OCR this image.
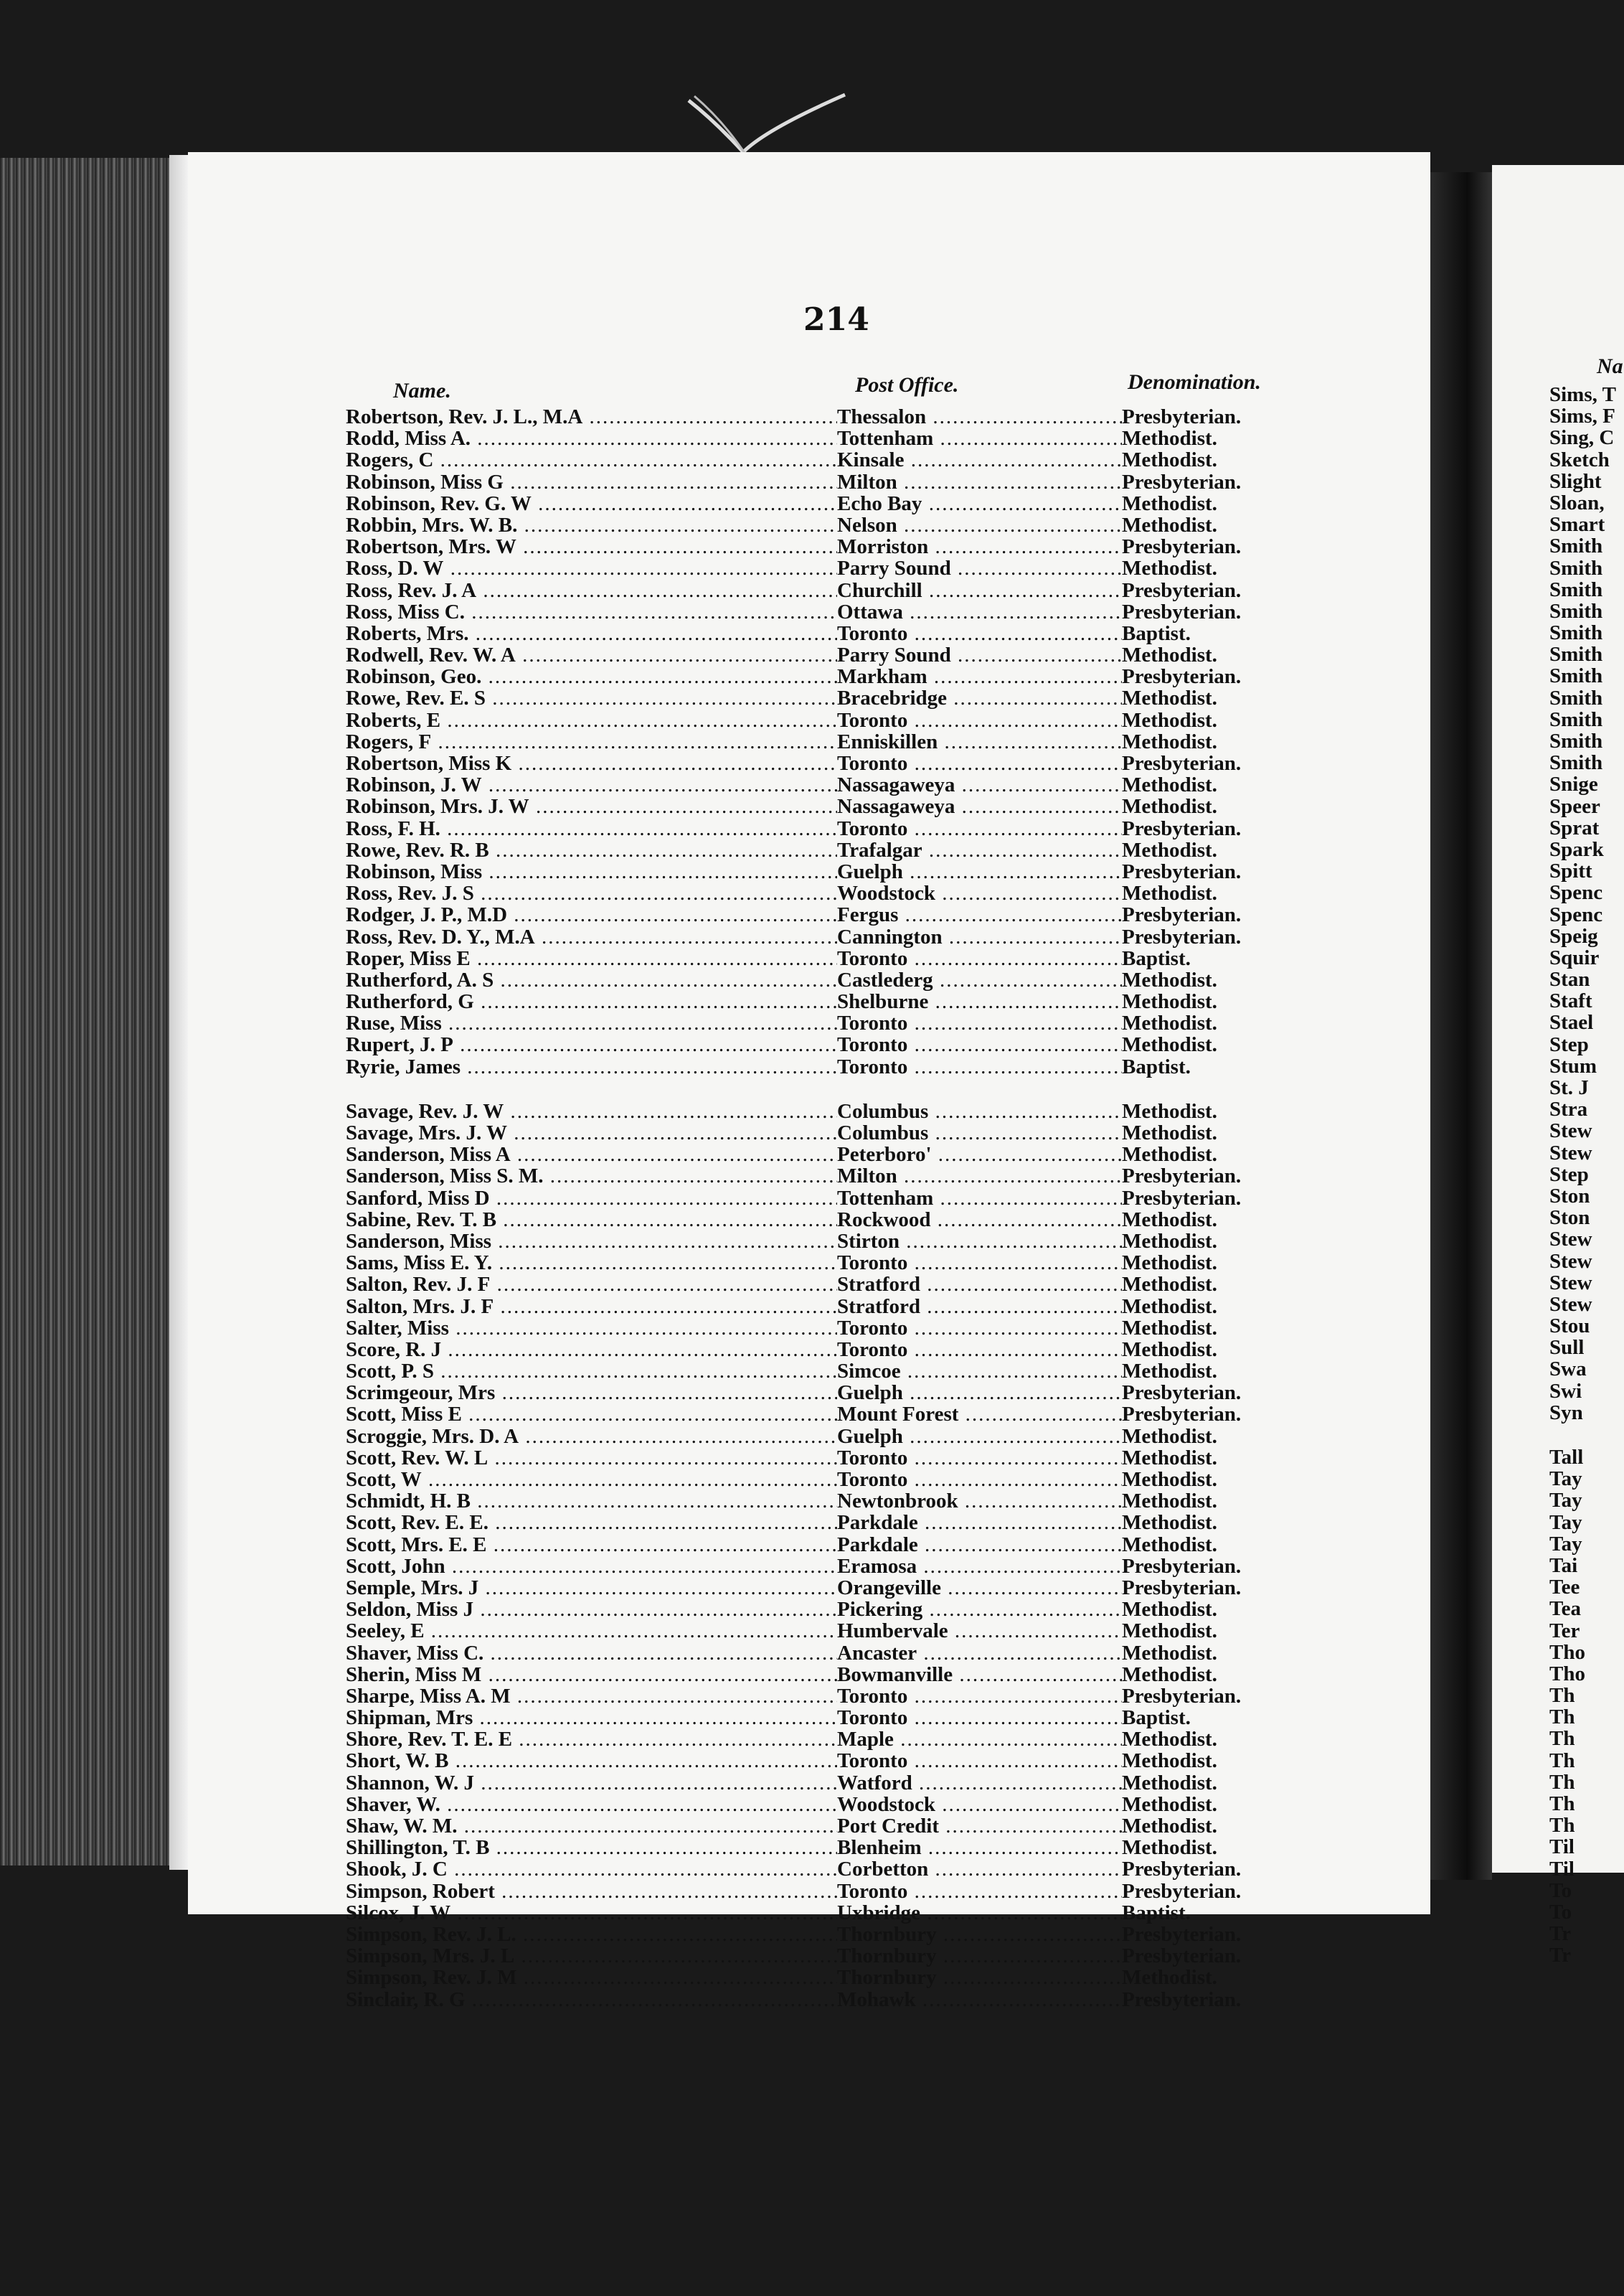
214
Name.	Post Office.	Denomination.
Robertson, Rev. J. L., M.A .....	Thessalon .....	Presbyterian.
Rodd, Miss A. .....	Tottenham .....	Methodist.
Rogers, C .....	Kinsale .....	Methodist.
Robinson, Miss G .....	Milton .....	Presbyterian.
Robinson, Rev. G. W .....	Echo Bay .....	Methodist.
Robbin, Mrs. W. B. .....	Nelson .....	Methodist.
Robertson, Mrs. W .....	Morriston .....	Presbyterian.
Ross, D. W .....	Parry Sound .....	Methodist.
Ross, Rev. J. A .....	Churchill .....	Presbyterian.
Ross, Miss C. .....	Ottawa .....	Presbyterian.
Roberts, Mrs. .....	Toronto .....	Baptist.
Rodwell, Rev. W. A .....	Parry Sound .....	Methodist.
Robinson, Geo. .....	Markham .....	Presbyterian.
Rowe, Rev. E. S .....	Bracebridge .....	Methodist.
Roberts, E .....	Toronto .....	Methodist.
Rogers, F .....	Enniskillen .....	Methodist.
Robertson, Miss K .....	Toronto .....	Presbyterian.
Robinson, J. W .....	Nassagaweya .....	Methodist.
Robinson, Mrs. J. W .....	Nassagaweya .....	Methodist.
Ross, F. H. .....	Toronto .....	Presbyterian.
Rowe, Rev. R. B .....	Trafalgar .....	Methodist.
Robinson, Miss .....	Guelph .....	Presbyterian.
Ross, Rev. J. S .....	Woodstock .....	Methodist.
Rodger, J. P., M.D .....	Fergus .....	Presbyterian.
Ross, Rev. D. Y., M.A .....	Cannington .....	Presbyterian.
Roper, Miss E .....	Toronto .....	Baptist.
Rutherford, A. S .....	Castlederg .....	Methodist.
Rutherford, G .....	Shelburne .....	Methodist.
Ruse, Miss .....	Toronto .....	Methodist.
Rupert, J. P .....	Toronto .....	Methodist.
Ryrie, James .....	Toronto .....	Baptist.
Savage, Rev. J. W .....	Columbus .....	Methodist.
Savage, Mrs. J. W .....	Columbus .....	Methodist.
Sanderson, Miss A .....	Peterboro' .....	Methodist.
Sanderson, Miss S. M. .....	Milton .....	Presbyterian.
Sanford, Miss D .....	Tottenham .....	Presbyterian.
Sabine, Rev. T. B .....	Rockwood .....	Methodist.
Sanderson, Miss .....	Stirton .....	Methodist.
Sams, Miss E. Y. .....	Toronto .....	Methodist.
Salton, Rev. J. F .....	Stratford .....	Methodist.
Salton, Mrs. J. F .....	Stratford .....	Methodist.
Salter, Miss .....	Toronto .....	Methodist.
Score, R. J .....	Toronto .....	Methodist.
Scott, P. S .....	Simcoe .....	Methodist.
Scrimgeour, Mrs .....	Guelph .....	Presbyterian.
Scott, Miss E .....	Mount Forest .....	Presbyterian.
Scroggie, Mrs. D. A .....	Guelph .....	Methodist.
Scott, Rev. W. L .....	Toronto .....	Methodist.
Scott, W .....	Toronto .....	Methodist.
Schmidt, H. B .....	Newtonbrook .....	Methodist.
Scott, Rev. E. E. .....	Parkdale .....	Methodist.
Scott, Mrs. E. E .....	Parkdale .....	Methodist.
Scott, John .....	Eramosa .....	Presbyterian.
Semple, Mrs. J .....	Orangeville .....	Presbyterian.
Seldon, Miss J .....	Pickering .....	Methodist.
Seeley, E .....	Humbervale .....	Methodist.
Shaver, Miss C. .....	Ancaster .....	Methodist.
Sherin, Miss M .....	Bowmanville .....	Methodist.
Sharpe, Miss A. M .....	Toronto .....	Presbyterian.
Shipman, Mrs .....	Toronto .....	Baptist.
Shore, Rev. T. E. E .....	Maple .....	Methodist.
Short, W. B .....	Toronto .....	Methodist.
Shannon, W. J .....	Watford .....	Methodist.
Shaver, W. .....	Woodstock .....	Methodist.
Shaw, W. M. .....	Port Credit .....	Methodist.
Shillington, T. B .....	Blenheim .....	Methodist.
Shook, J. C .....	Corbetton .....	Presbyterian.
Simpson, Robert .....	Toronto .....	Presbyterian.
Silcox, J. W .....	Uxbridge .....	Baptist.
Simpson, Rev. J. L. .....	Thornbury .....	Presbyterian.
Simpson, Mrs. J. L .....	Thornbury .....	Presbyterian.
Simpson, Rev. J. M .....	Thornbury .....	Methodist.
Sinclair, R. G .....	Mohawk .....	Presbyterian.
Na
Sims, T
Sims, F
Sing, C
Sketch
Slight
Sloan,
Smart
Smith
Smith
Smith
Smith
Smith
Smith
Smith
Smith
Smith
Smith
Smith
Snige
Speer
Sprat
Spark
Spitt
Spenc
Spenc
Speig
Squir
Stan
Staft
Stael
Step
Stum
St. J
Stra
Stew
Stew
Step
Ston
Ston
Stew
Stew
Stew
Stew
Stou
Sull
Swa
Swi
Syn
Tall
Tay
Tay
Tay
Tay
Tai
Tee
Tea
Ter
Tho
Tho
Th
Th
Th
Th
Th
Th
Th
Til
Til
To
To
Tr
Tr
